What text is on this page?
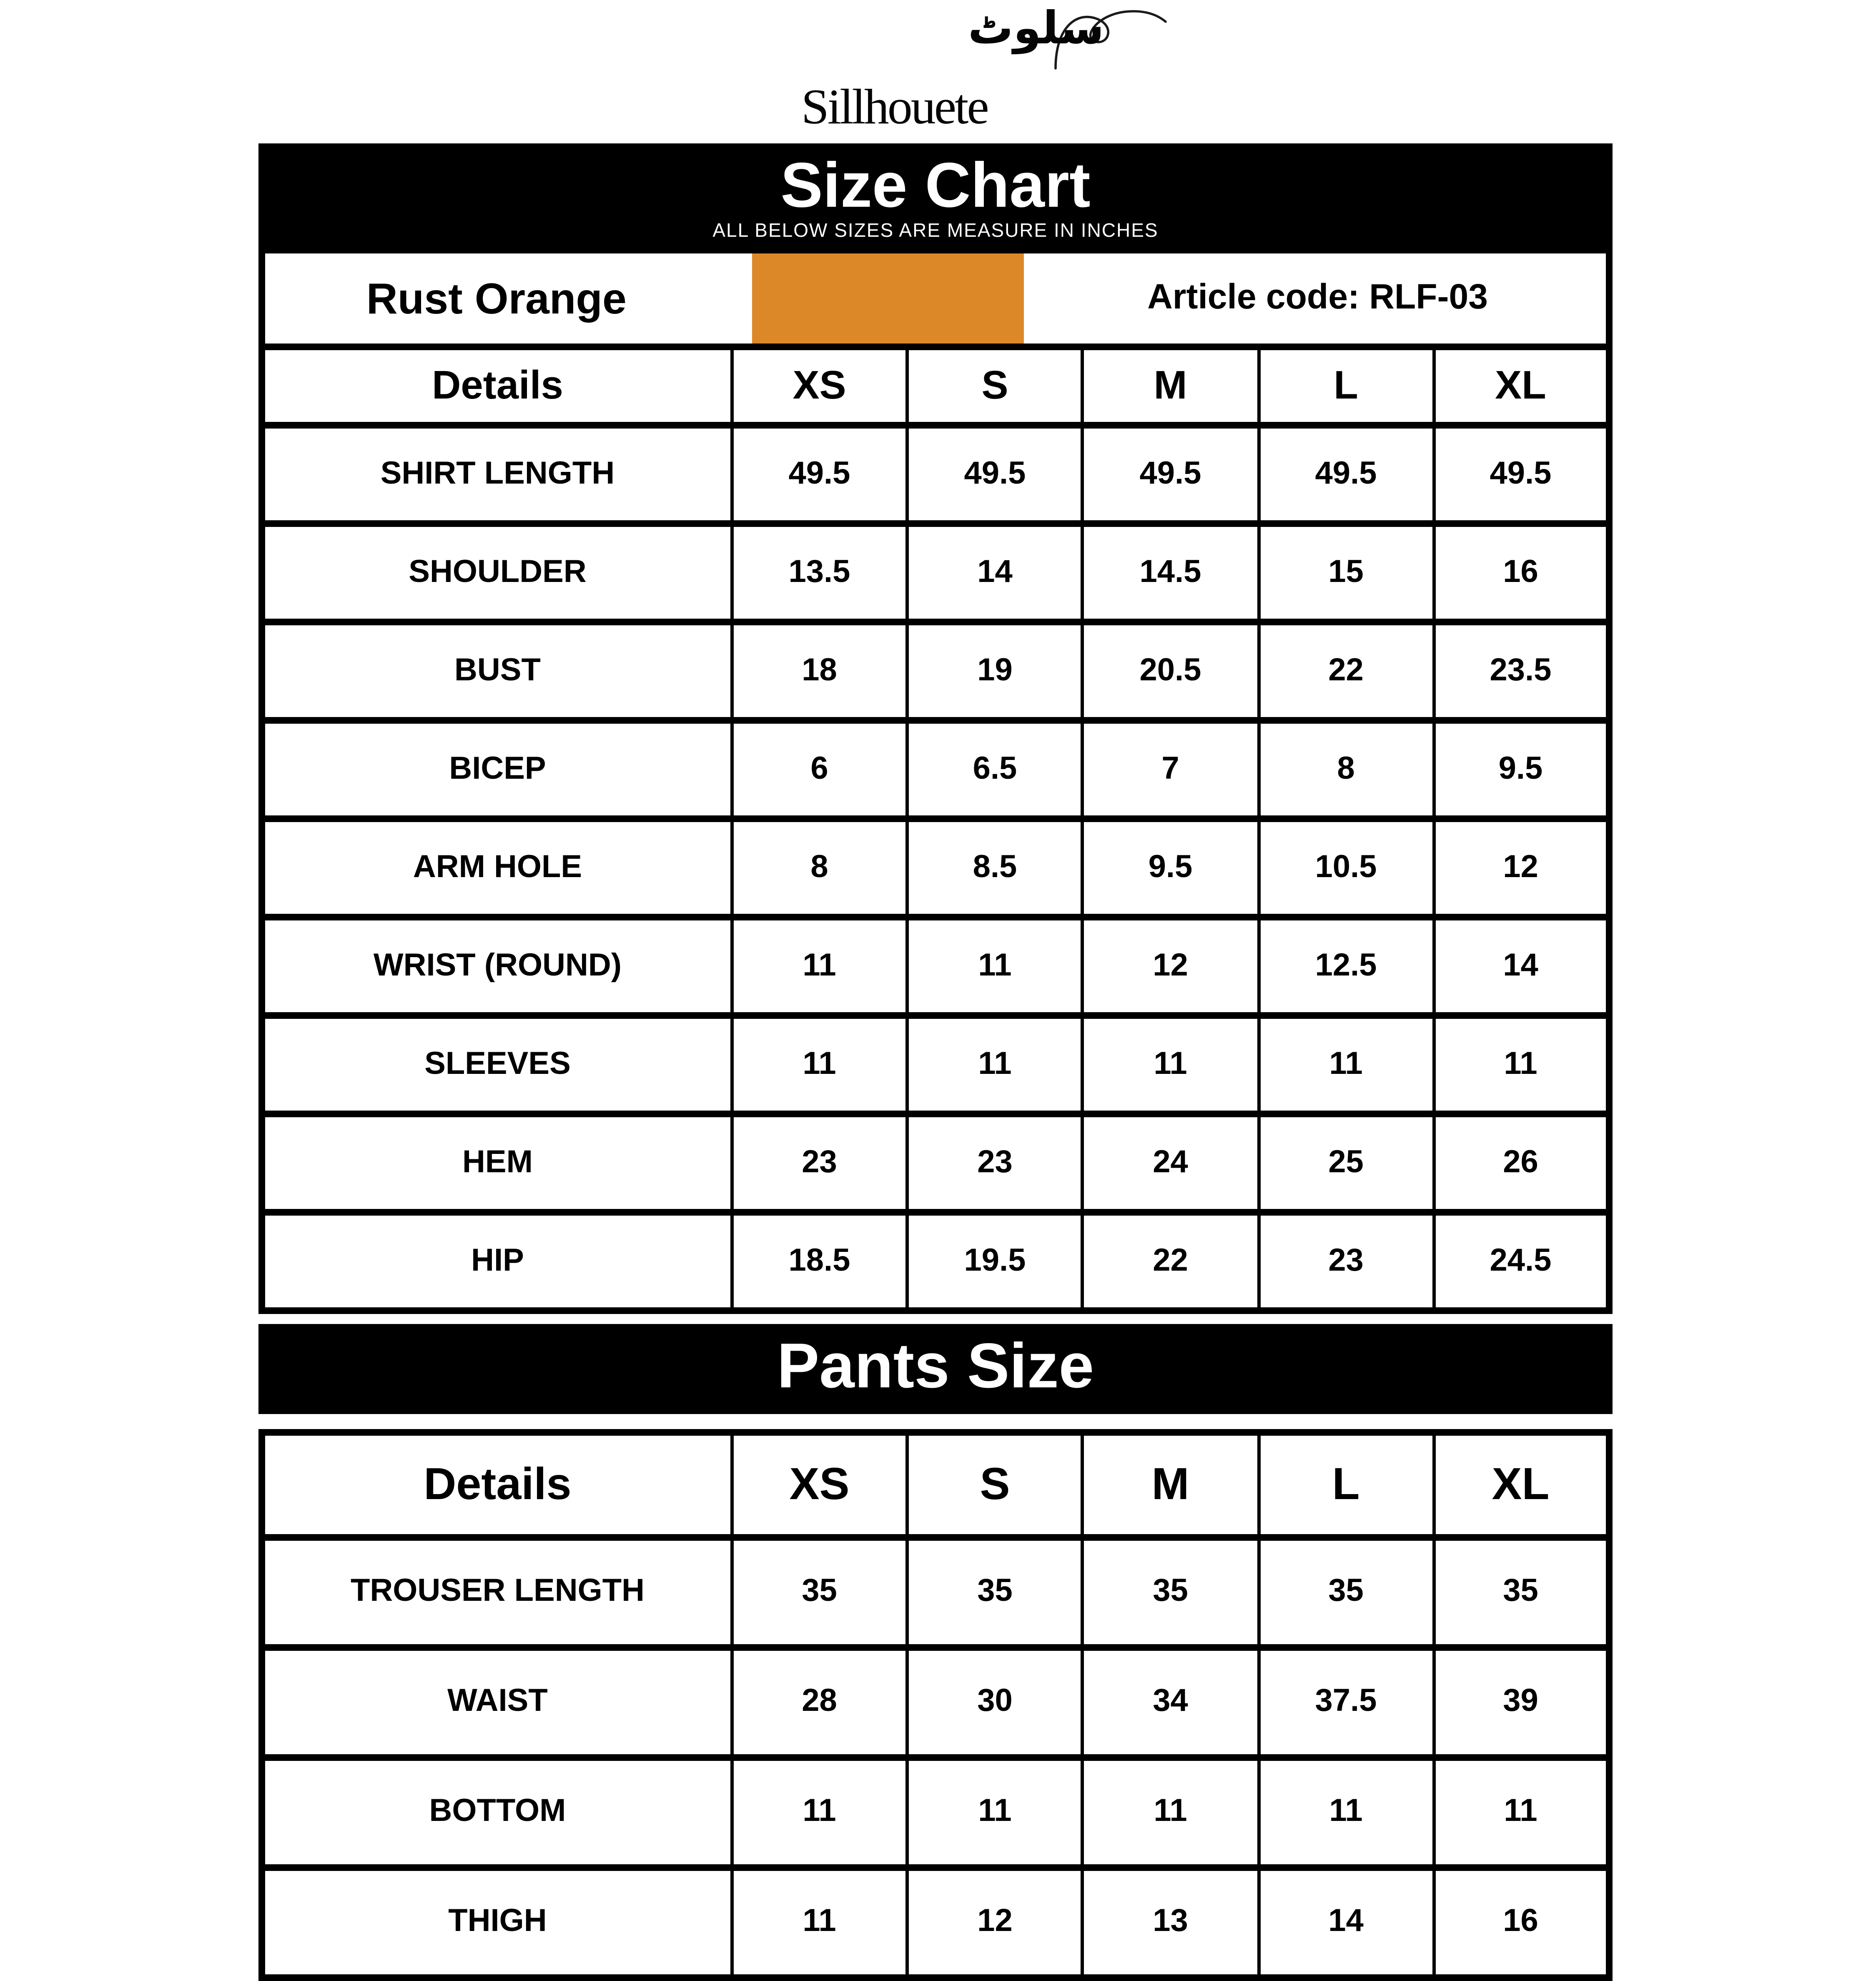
سلوٹ
Sillhouete
Size Chart
ALL BELOW SIZES ARE MEASURE IN INCHES
Rust Orange	Article code: RLF-03
Details	XS	S	M	L	XL
SHIRT LENGTH	49.5	49.5	49.5	49.5	49.5
SHOULDER	13.5	14	14.5	15	16
BUST	18	19	20.5	22	23.5
BICEP	6	6.5	7	8	9.5
ARM HOLE	8	8.5	9.5	10.5	12
WRIST (ROUND)	11	11	12	12.5	14
SLEEVES	11	11	11	11	11
HEM	23	23	24	25	26
HIP	18.5	19.5	22	23	24.5
Pants Size
Details	XS	S	M	L	XL
TROUSER LENGTH	35	35	35	35	35
WAIST	28	30	34	37.5	39
BOTTOM	11	11	11	11	11
THIGH	11	12	13	14	16
